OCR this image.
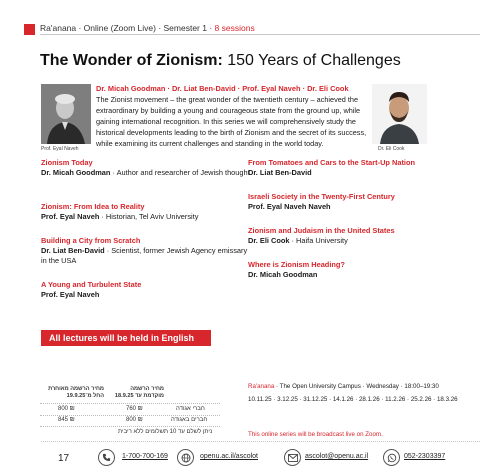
Ra'anana · Online (Zoom Live) · Semester 1 · 8 sessions
The Wonder of Zionism: 150 Years of Challenges
Prof. Eyal Naveh	Dr. Eli Cook
Dr. Micah Goodman · Dr. Liat Ben-David · Prof. Eyal Naveh · Dr. Eli Cook
The Zionist movement – the great wonder of the twentieth century – achieved the extraordinary by building a young and courageous state from the ground up, while gaining international recognition. In this series we will comprehensively study the historical developments leading to the birth of Zionism and the secret of its success, while examining its current challenges and standing in the world today.
Zionism Today
Dr. Micah Goodman · Author and researcher of Jewish thought
Zionism: From Idea to Reality
Prof. Eyal Naveh · Historian, Tel Aviv University
Building a City from Scratch
Dr. Liat Ben-David · Scientist, former Jewish Agency emissary in the USA
A Young and Turbulent State
Prof. Eyal Naveh
From Tomatoes and Cars to the Start-Up Nation
Dr. Liat Ben-David
Israeli Society in the Twenty-First Century
Prof. Eyal Naveh Naveh
Zionism and Judaism in the United States
Dr. Eli Cook · Haifa University
Where is Zionism Heading?
Dr. Micah Goodman
All lectures will be held in English
מחיר הרשמה מאוחרת
החל מ־19.9.25
מחיר הרשמה
מוקדמת עד 18.9.25
800 ₪	760 ₪	חברי אגודה
845 ₪	800 ₪	חברים באגודה
ניתן לשלם עד 10 תשלומים ללא ריבית
Ra'anana · The Open University Campus · Wednesday · 18:00–19:30
10.11.25 · 3.12.25 · 31.12.25 · 14.1.26 · 28.1.26 · 11.2.26 · 25.2.26 · 18.3.26
This online series will be broadcast live on Zoom.
17	1-700-700-169	openu.ac.il/ascolot	ascolot@openu.ac.il	052-2303397
